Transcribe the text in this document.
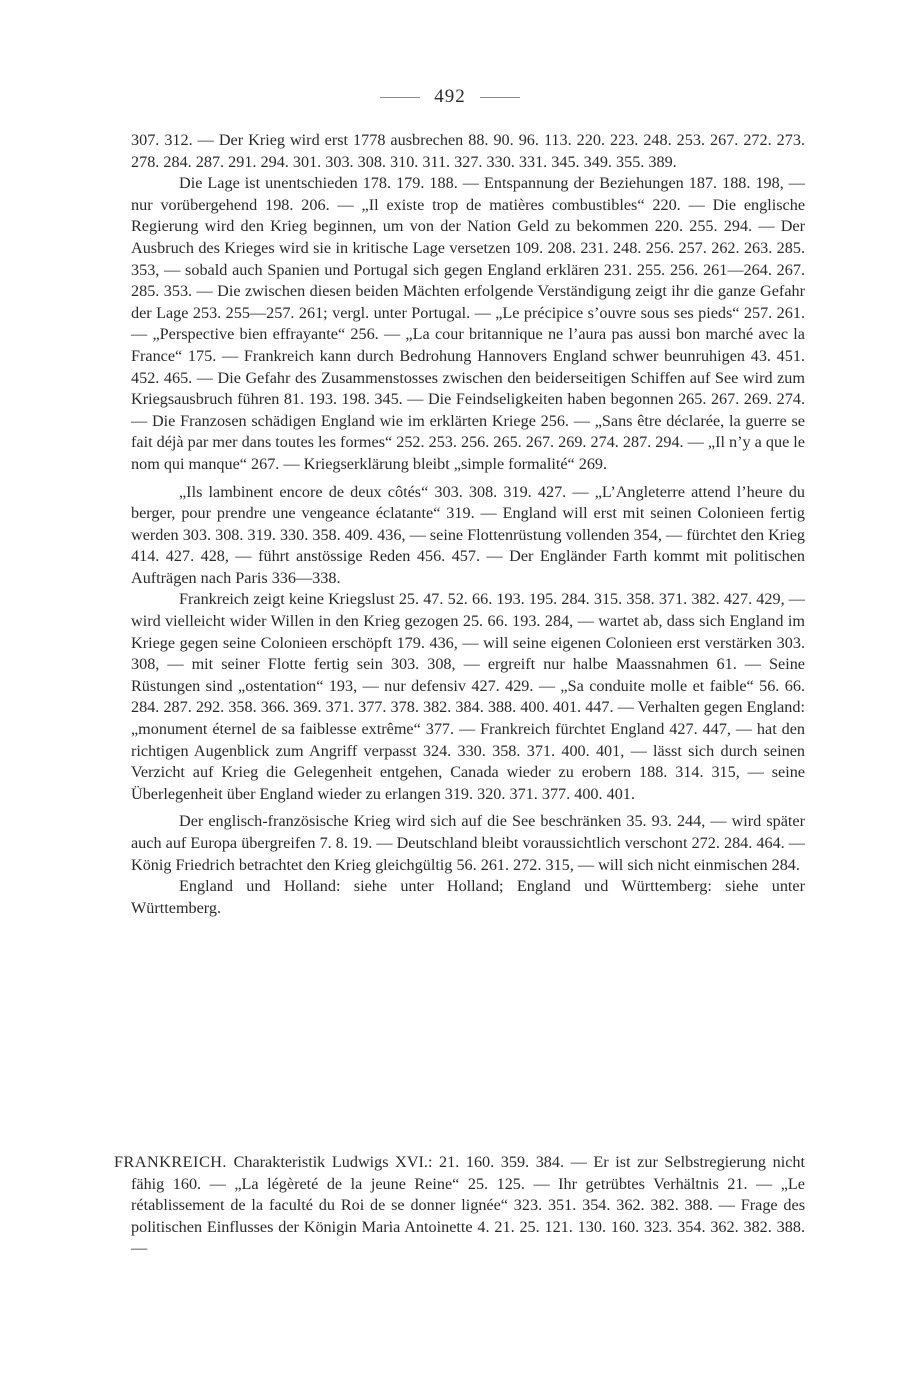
492

307. 312. — Der Krieg wird erst 1778 ausbrechen 88. 90. 96. 113. 220. 223. 248. 253. 267. 272. 273. 278. 284. 287. 291. 294. 301. 303. 308. 310. 311. 327. 330. 331. 345. 349. 355. 389.

Die Lage ist unentschieden 178. 179. 188. — Entspannung der Beziehungen 187. 188. 198, — nur vorübergehend 198. 206. — „Il existe trop de matières combustibles“ 220. — Die englische Regierung wird den Krieg beginnen, um von der Nation Geld zu bekommen 220. 255. 294. — Der Ausbruch des Krieges wird sie in kritische Lage versetzen 109. 208. 231. 248. 256. 257. 262. 263. 285. 353, — sobald auch Spanien und Portugal sich gegen England erklären 231. 255. 256. 261—264. 267. 285. 353. — Die zwischen diesen beiden Mächten erfolgende Verständigung zeigt ihr die ganze Gefahr der Lage 253. 255—257. 261; vergl. unter Portugal. — „Le précipice s’ouvre sous ses pieds“ 257. 261. — „Perspective bien effrayante“ 256. — „La cour britannique ne l’aura pas aussi bon marché avec la France“ 175. — Frankreich kann durch Bedrohung Hannovers England schwer beunruhigen 43. 451. 452. 465. — Die Gefahr des Zusammenstosses zwischen den beiderseitigen Schiffen auf See wird zum Kriegsausbruch führen 81. 193. 198. 345. — Die Feindseligkeiten haben begonnen 265. 267. 269. 274. — Die Franzosen schädigen England wie im erklärten Kriege 256. — „Sans être déclarée, la guerre se fait déjà par mer dans toutes les formes“ 252. 253. 256. 265. 267. 269. 274. 287. 294. — „Il n’y a que le nom qui manque“ 267. — Kriegserklärung bleibt „simple formalité“ 269.

„Ils lambinent encore de deux côtés“ 303. 308. 319. 427. — „L’Angleterre attend l’heure du berger, pour prendre une vengeance éclatante“ 319. — England will erst mit seinen Colonieen fertig werden 303. 308. 319. 330. 358. 409. 436, — seine Flottenrüstung vollenden 354, — fürchtet den Krieg 414. 427. 428, — führt anstössige Reden 456. 457. — Der Engländer Farth kommt mit politischen Aufträgen nach Paris 336—338.

Frankreich zeigt keine Kriegslust 25. 47. 52. 66. 193. 195. 284. 315. 358. 371. 382. 427. 429, — wird vielleicht wider Willen in den Krieg gezogen 25. 66. 193. 284, — wartet ab, dass sich England im Kriege gegen seine Colonieen erschöpft 179. 436, — will seine eigenen Colonieen erst verstärken 303. 308, — mit seiner Flotte fertig sein 303. 308, — ergreift nur halbe Maassnahmen 61. — Seine Rüstungen sind „ostentation“ 193, — nur defensiv 427. 429. — „Sa conduite molle et faible“ 56. 66. 284. 287. 292. 358. 366. 369. 371. 377. 378. 382. 384. 388. 400. 401. 447. — Verhalten gegen England: „monument éternel de sa faiblesse extrême“ 377. — Frankreich fürchtet England 427. 447, — hat den richtigen Augenblick zum Angriff verpasst 324. 330. 358. 371. 400. 401, — lässt sich durch seinen Verzicht auf Krieg die Gelegenheit entgehen, Canada wieder zu erobern 188. 314. 315, — seine Überlegenheit über England wieder zu erlangen 319. 320. 371. 377. 400. 401.

Der englisch-französische Krieg wird sich auf die See beschränken 35. 93. 244, — wird später auch auf Europa übergreifen 7. 8. 19. — Deutschland bleibt voraussichtlich verschont 272. 284. 464. — König Friedrich betrachtet den Krieg gleichgültig 56. 261. 272. 315, — will sich nicht einmischen 284.

England und Holland: siehe unter Holland; England und Württemberg: siehe unter Württemberg.

FRANKREICH. Charakteristik Ludwigs XVI.: 21. 160. 359. 384. — Er ist zur Selbstregierung nicht fähig 160. — „La légèreté de la jeune Reine“ 25. 125. — Ihr getrübtes Verhältnis 21. — „Le rétablissement de la faculté du Roi de se donner lignée“ 323. 351. 354. 362. 382. 388. — Frage des politischen Einflusses der Königin Maria Antoinette 4. 21. 25. 121. 130. 160. 323. 354. 362. 382. 388. —
